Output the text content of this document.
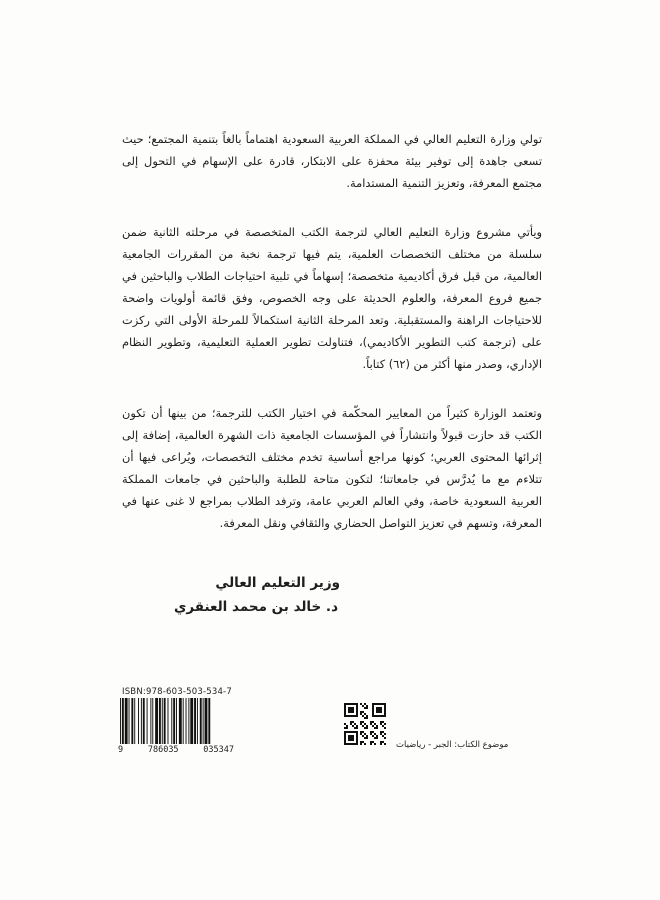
تولي وزارة التعليم العالي في المملكة العربية السعودية اهتماماً بالغاً بتنمية المجتمع؛ حيث تسعى جاهدة إلى توفير بيئة محفزة على الابتكار، قادرة على الإسهام في التحول إلى مجتمع المعرفة، وتعزيز التنمية المستدامة.

ويأتي مشروع وزارة التعليم العالي لترجمة الكتب المتخصصة في مرحلته الثانية ضمن سلسلة من مختلف التخصصات العلمية، يتم فيها ترجمة نخبة من المقررات الجامعية العالمية، من قبل فرق أكاديمية متخصصة؛ إسهاماً في تلبية احتياجات الطلاب والباحثين في جميع فروع المعرفة، والعلوم الحديثة على وجه الخصوص، وفق قائمة أولويات واضحة للاحتياجات الراهنة والمستقبلية. وتعد المرحلة الثانية استكمالاً للمرحلة الأولى التي ركزت على (ترجمة كتب التطوير الأكاديمي)، فتناولت تطوير العملية التعليمية، وتطوير النظام الإداري، وصدر منها أكثر من (٦٢) كتاباً.

وتعتمد الوزارة كثيراً من المعايير المحكّمة في اختيار الكتب للترجمة؛ من بينها أن تكون الكتب قد حازت قبولاً وانتشاراً في المؤسسات الجامعية ذات الشهرة العالمية، إضافة إلى إثرائها المحتوى العربي؛ كونها مراجع أساسية تخدم مختلف التخصصات، ويُراعى فيها أن تتلاءم مع ما يُدرَّس في جامعاتنا؛ لتكون متاحة للطلبة والباحثين في جامعات المملكة العربية السعودية خاصة، وفي العالم العربي عامة، وترفد الطلاب بمراجع لا غنى عنها في المعرفة، وتسهم في تعزيز التواصل الحضاري والثقافي ونقل المعرفة.

وزير التعليم العالي

د. خالد بن محمد العنقري

ISBN:978-603-503-534-7
9	786035	035347	موضوع الكتاب: الجبر - رياضيات
